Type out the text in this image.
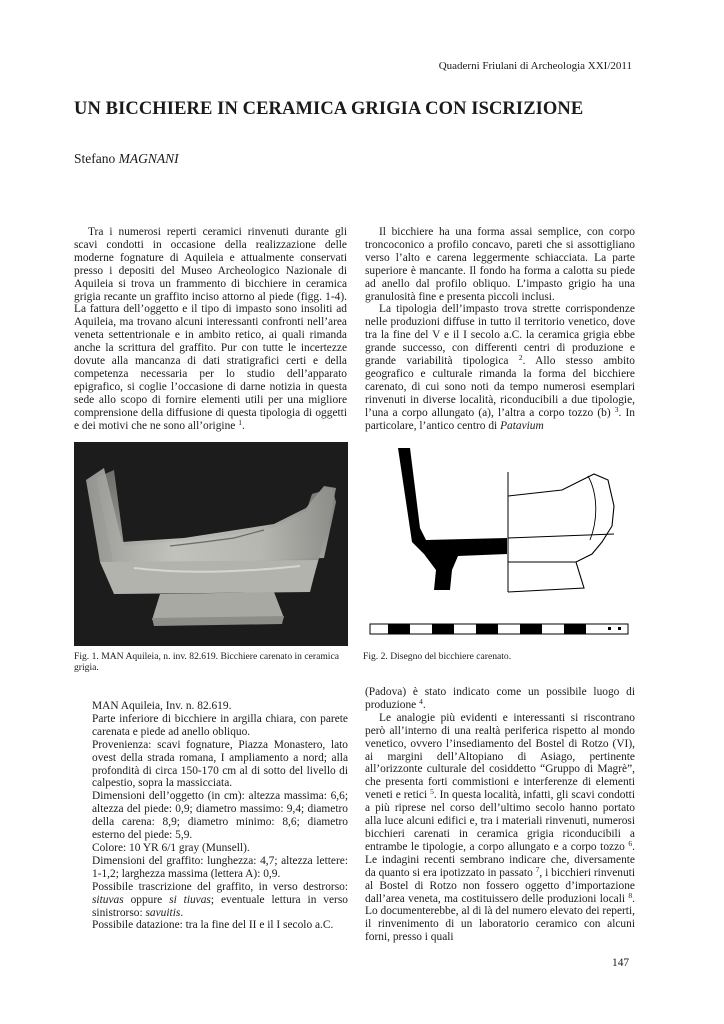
Quaderni Friulani di Archeologia XXI/2011
UN BICCHIERE IN CERAMICA GRIGIA CON ISCRIZIONE
Stefano MAGNANI

Tra i numerosi reperti ceramici rinvenuti durante gli scavi condotti in occasione della realizzazione delle moderne fognature di Aquileia e attualmente conservati presso i depositi del Museo Archeologico Nazionale di Aquileia si trova un frammento di bicchiere in ceramica grigia recante un graffito inciso attorno al piede (figg. 1-4). La fattura dell’oggetto e il tipo di impasto sono insoliti ad Aquileia, ma trovano alcuni interessanti confronti nell’area veneta settentrionale e in ambito retico, ai quali rimanda anche la scrittura del graffito. Pur con tutte le incertezze dovute alla mancanza di dati stratigrafici certi e della competenza necessaria per lo studio dell’apparato epigrafico, si coglie l’occasione di darne notizia in questa sede allo scopo di fornire elementi utili per una migliore comprensione della diffusione di questa tipologia di oggetti e dei motivi che ne sono all’origine $^1$.

Il bicchiere ha una forma assai semplice, con corpo troncoconico a profilo concavo, pareti che si assottigliano verso l’alto e carena leggermente schiacciata. La parte superiore è mancante. Il fondo ha forma a calotta su piede ad anello dal profilo obliquo. L’impasto grigio ha una granulosità fine e presenta piccoli inclusi.

La tipologia dell’impasto trova strette corrispondenze nelle produzioni diffuse in tutto il territorio venetico, dove tra la fine del V e il I secolo a.C. la ceramica grigia ebbe grande successo, con differenti centri di produzione e grande variabilità tipologica $^2$. Allo stesso ambito geografico e culturale rimanda la forma del bicchiere carenato, di cui sono noti da tempo numerosi esemplari rinvenuti in diverse località, riconducibili a due tipologie, l’una a corpo allungato (a), l’altra a corpo tozzo (b) $^3$. In particolare, l’antico centro di Patavium

Fig. 1. MAN Aquileia, n. inv. 82.619. Bicchiere carenato in ceramica grigia.
Fig. 2. Disegno del bicchiere carenato.
MAN Aquileia, Inv. n. 82.619.
Parte inferiore di bicchiere in argilla chiara, con parete carenata e piede ad anello obliquo.
Provenienza: scavi fognature, Piazza Monastero, lato ovest della strada romana, I ampliamento a nord; alla profondità di circa 150-170 cm al di sotto del livello di calpestio, sopra la massicciata.
Dimensioni dell’oggetto (in cm): altezza massima: 6,6; altezza del piede: 0,9; diametro massimo: 9,4; diametro della carena: 8,9; diametro minimo: 8,6; diametro esterno del piede: 5,9.
Colore: 10 YR 6/1 gray (Munsell).
Dimensioni del graffito: lunghezza: 4,7; altezza lettere: 1-1,2; larghezza massima (lettera A): 0,9.
Possibile trascrizione del graffito, in verso destrorso: situvas oppure si tiuvas; eventuale lettura in verso sinistrorso: savuitis.
Possibile datazione: tra la fine del II e il I secolo a.C.

(Padova) è stato indicato come un possibile luogo di produzione $^4$.

Le analogie più evidenti e interessanti si riscontrano però all’interno di una realtà periferica rispetto al mondo venetico, ovvero l’insediamento del Bostel di Rotzo (VI), ai margini dell’Altopiano di Asiago, pertinente all’orizzonte culturale del cosiddetto “Gruppo di Magrè”, che presenta forti commistioni e interferenze di elementi veneti e retici $^5$. In questa località, infatti, gli scavi condotti a più riprese nel corso dell’ultimo secolo hanno portato alla luce alcuni edifici e, tra i materiali rinvenuti, numerosi bicchieri carenati in ceramica grigia riconducibili a entrambe le tipologie, a corpo allungato e a corpo tozzo $^6$. Le indagini recenti sembrano indicare che, diversamente da quanto si era ipotizzato in passato $^7$, i bicchieri rinvenuti al Bostel di Rotzo non fossero oggetto d’importazione dall’area veneta, ma costituissero delle produzioni locali $^8$. Lo documenterebbe, al di là del numero elevato dei reperti, il rinvenimento di un laboratorio ceramico con alcuni forni, presso i quali

147
